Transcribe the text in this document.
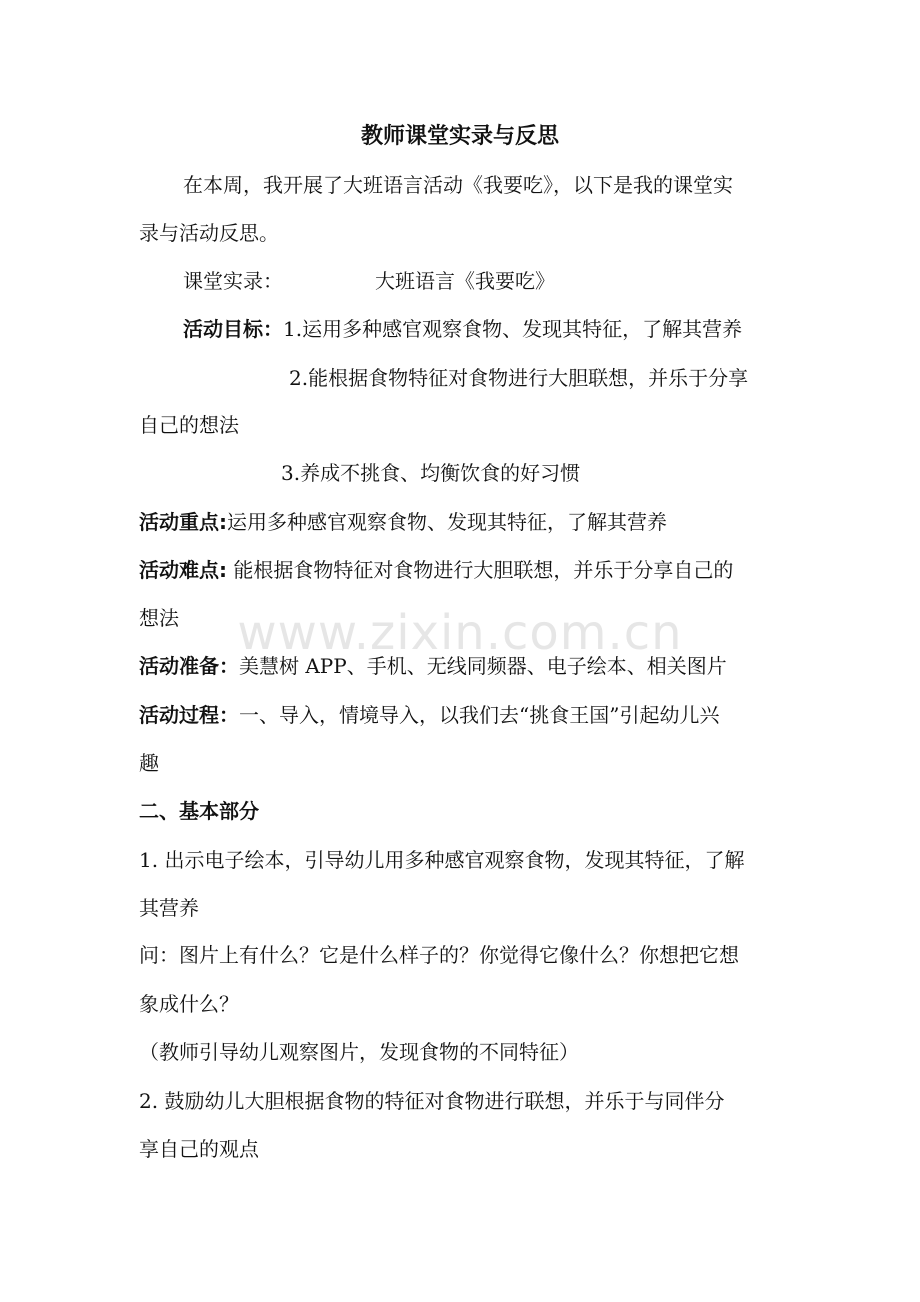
教师课堂实录与反思
在本周，我开展了大班语言活动《我要吃》，以下是我的课堂实
录与活动反思。
课堂实录：	大班语言《我要吃》
活动目标：1.运用多种感官观察食物、发现其特征，了解其营养
2.能根据食物特征对食物进行大胆联想，并乐于分享
自己的想法
3.养成不挑食、均衡饮食的好习惯
活动重点:运用多种感官观察食物、发现其特征，了解其营养
活动难点: 能根据食物特征对食物进行大胆联想，并乐于分享自己的
想法
活动准备：美慧树 APP、手机、无线同频器、电子绘本、相关图片
活动过程：一、导入，情境导入，以我们去“挑食王国”引起幼儿兴
趣
二、基本部分
1. 出示电子绘本，引导幼儿用多种感官观察食物，发现其特征，了解
其营养
问：图片上有什么？它是什么样子的？你觉得它像什么？你想把它想
象成什么？
（教师引导幼儿观察图片，发现食物的不同特征）
2. 鼓励幼儿大胆根据食物的特征对食物进行联想，并乐于与同伴分
享自己的观点
www.zixin.com.cn
